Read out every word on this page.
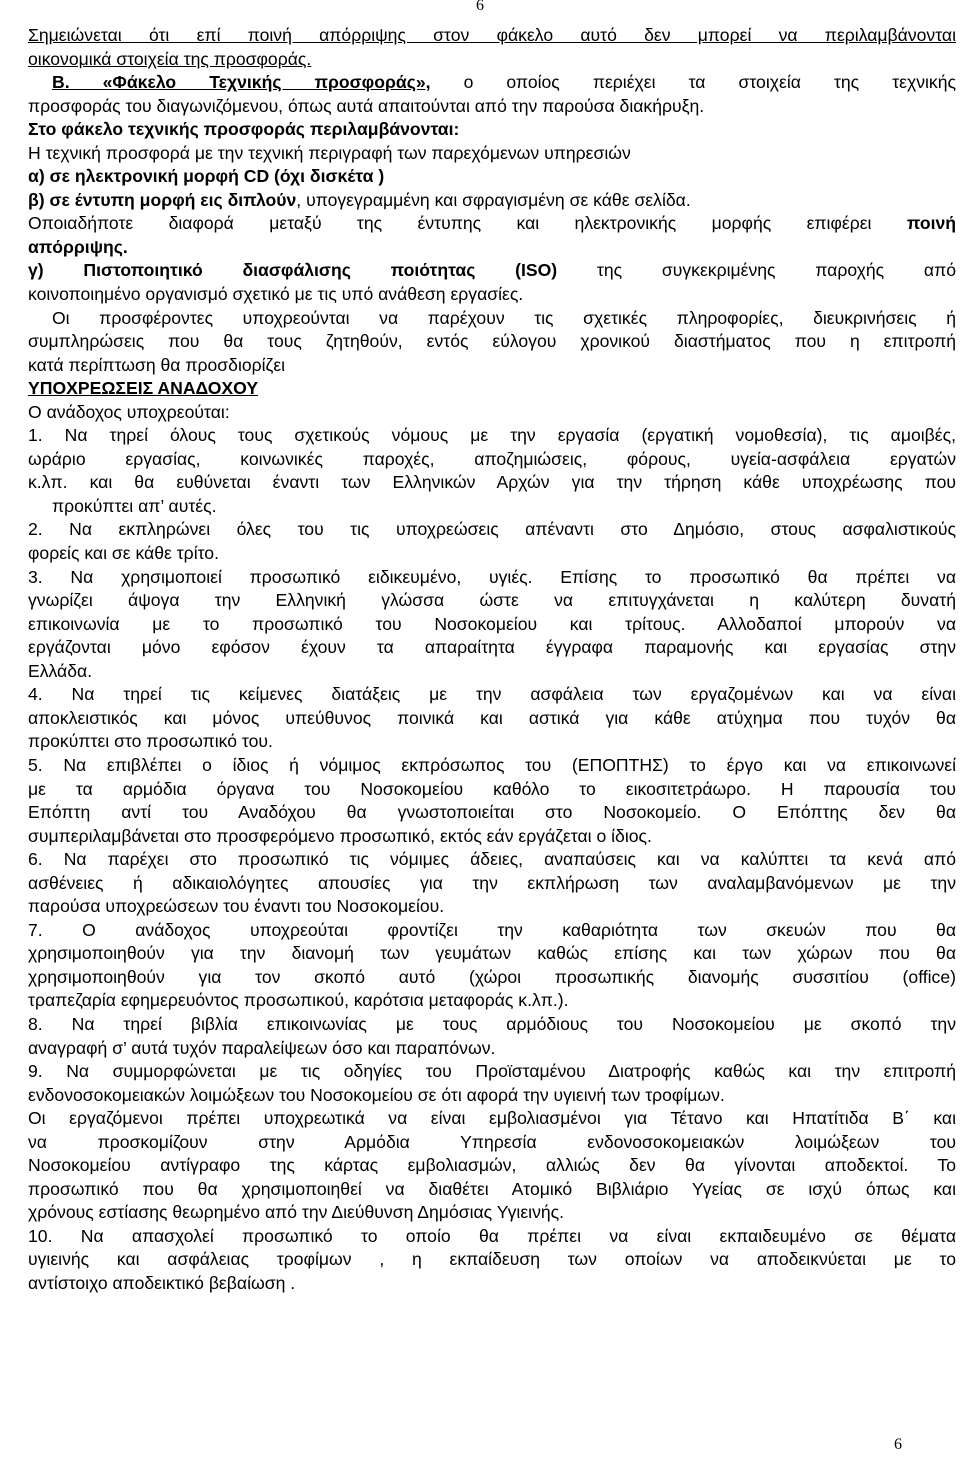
6

Σημειώνεται ότι επί ποινή απόρριψης στον φάκελο αυτό δεν μπορεί να περιλαμβάνονται

οικονομικά στοιχεία της προσφοράς.

Β. «Φάκελο Τεχνικής προσφοράς», ο οποίος περιέχει τα στοιχεία της τεχνικής

προσφοράς του διαγωνιζόμενου, όπως αυτά απαιτούνται από την παρούσα διακήρυξη.

Στο φάκελο τεχνικής προσφοράς περιλαμβάνονται:

Η τεχνική προσφορά με την τεχνική περιγραφή των παρεχόμενων υπηρεσιών

α) σε ηλεκτρονική μορφή CD (όχι δισκέτα )

β) σε έντυπη μορφή εις διπλούν, υπογεγραμμένη και σφραγισμένη σε κάθε σελίδα.

Οποιαδήποτε διαφορά μεταξύ της έντυπης και ηλεκτρονικής μορφής επιφέρει ποινή

απόρριψης.

γ) Πιστοποιητικό διασφάλισης ποιότητας (ISO) της συγκεκριμένης παροχής από

κοινοποιημένο οργανισμό σχετικό με τις υπό ανάθεση εργασίες.

Οι προσφέροντες υποχρεούνται να παρέχουν τις σχετικές πληροφορίες, διευκρινήσεις ή

συμπληρώσεις που θα τους ζητηθούν, εντός εύλογου χρονικού διαστήματος που η επιτροπή

κατά περίπτωση θα προσδιορίζει

ΥΠΟΧΡΕΩΣΕΙΣ ΑΝΑΔΟΧΟΥ

Ο ανάδοχος υποχρεούται:

1. Να τηρεί όλους τους σχετικούς νόμους με την εργασία (εργατική νομοθεσία), τις αμοιβές,

ωράριο εργασίας, κοινωνικές παροχές, αποζημιώσεις, φόρους, υγεία-ασφάλεια εργατών

κ.λπ. και θα ευθύνεται έναντι των Ελληνικών Αρχών για την τήρηση κάθε υποχρέωσης που

προκύπτει απ’ αυτές.

2. Να εκπληρώνει όλες του τις υποχρεώσεις απέναντι στο Δημόσιο, στους ασφαλιστικούς

φορείς και σε κάθε τρίτο.

3. Να χρησιμοποιεί προσωπικό ειδικευμένο, υγιές. Επίσης το προσωπικό θα πρέπει να

γνωρίζει άψογα την Ελληνική γλώσσα ώστε να επιτυγχάνεται η καλύτερη δυνατή

επικοινωνία με το προσωπικό του Νοσοκομείου και τρίτους. Αλλοδαποί μπορούν να

εργάζονται μόνο εφόσον έχουν τα απαραίτητα έγγραφα παραμονής και εργασίας στην

Ελλάδα.

4. Να τηρεί τις κείμενες διατάξεις με την ασφάλεια των εργαζομένων και να είναι

αποκλειστικός και μόνος υπεύθυνος ποινικά και αστικά για κάθε ατύχημα που τυχόν θα

προκύπτει στο προσωπικό του.

5. Να επιβλέπει ο ίδιος ή νόμιμος εκπρόσωπος του (ΕΠΟΠΤΗΣ) το έργο και να επικοινωνεί

με τα αρμόδια όργανα του Νοσοκομείου καθόλο το εικοσιτετράωρο. Η παρουσία του

Επόπτη αντί του Αναδόχου θα γνωστοποιείται στο Νοσοκομείο. Ο Επόπτης δεν θα

συμπεριλαμβάνεται στο προσφερόμενο προσωπικό, εκτός εάν εργάζεται ο ίδιος.

6. Να παρέχει στο προσωπικό τις νόμιμες άδειες, αναπαύσεις και να καλύπτει τα κενά από

ασθένειες ή αδικαιολόγητες απουσίες για την εκπλήρωση των αναλαμβανόμενων με την

παρούσα υποχρεώσεων του έναντι του Νοσοκομείου.

7. Ο ανάδοχος υποχρεούται φροντίζει την καθαριότητα των σκευών που θα

χρησιμοποιηθούν για την διανομή των γευμάτων καθώς επίσης και των χώρων που θα

χρησιμοποιηθούν για τον σκοπό αυτό (χώροι προσωπικής διανομής συσσιτίου (office)

τραπεζαρία εφημερευόντος προσωπικού, καρότσια μεταφοράς κ.λπ.).

8. Να τηρεί βιβλία επικοινωνίας με τους αρμόδιους του Νοσοκομείου με σκοπό την

αναγραφή σ’ αυτά τυχόν παραλείψεων όσο και παραπόνων.

9. Να συμμορφώνεται με τις οδηγίες του Προϊσταμένου Διατροφής καθώς και την επιτροπή

ενδονοσοκομειακών λοιμώξεων του Νοσοκομείου σε ότι αφορά την υγιεινή των τροφίμων.

Οι εργαζόμενοι πρέπει υποχρεωτικά να είναι εμβολιασμένοι για Τέτανο και Ηπατίτιδα Β΄ και

να προσκομίζουν στην Αρμόδια Υπηρεσία ενδονοσοκομειακών λοιμώξεων του

Νοσοκομείου αντίγραφο της κάρτας εμβολιασμών, αλλιώς δεν θα γίνονται αποδεκτοί. Το

προσωπικό που θα χρησιμοποιηθεί να διαθέτει Ατομικό Βιβλιάριο Υγείας σε ισχύ όπως και

χρόνους εστίασης θεωρημένο από την Διεύθυνση Δημόσιας Υγιεινής.

10. Να απασχολεί προσωπικό το οποίο θα πρέπει να είναι εκπαιδευμένο σε θέματα

υγιεινής και ασφάλειας τροφίμων , η εκπαίδευση των οποίων να αποδεικνύεται με το

αντίστοιχο αποδεικτικό βεβαίωση .

6
